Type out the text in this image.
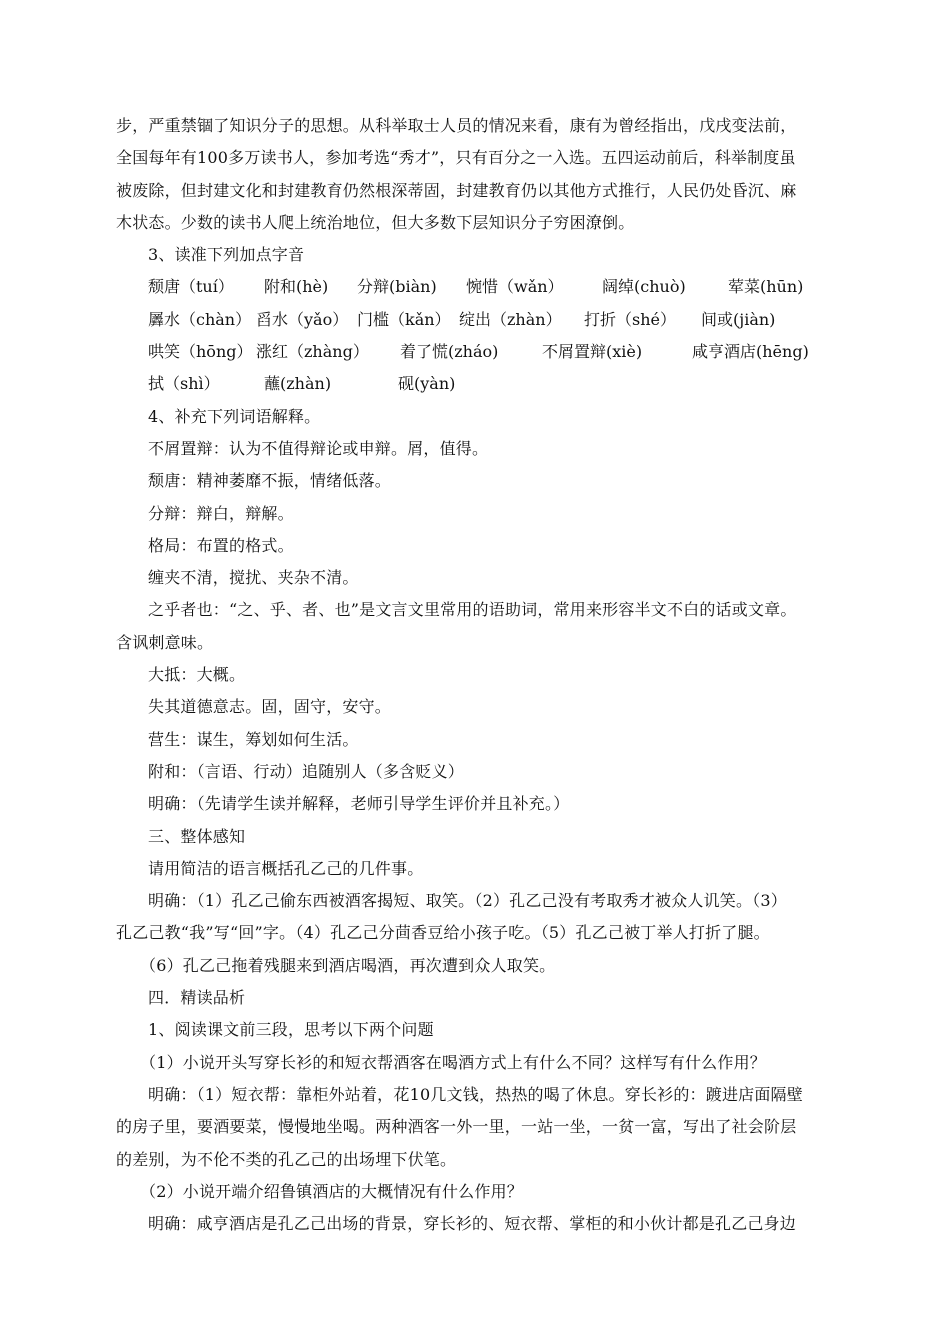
步，严重禁锢了知识分子的思想。从科举取士人员的情况来看，康有为曾经指出，戊戌变法前，
全国每年有100多万读书人，参加考选“秀才”，只有百分之一入选。五四运动前后，科举制度虽
被废除，但封建文化和封建教育仍然根深蒂固，封建教育仍以其他方式推行，人民仍处昏沉、麻
木状态。少数的读书人爬上统治地位，但大多数下层知识分子穷困潦倒。
3、读准下列加点字音
颓唐（tuí） 附和(hè) 分辩(biàn) 惋惜（wǎn） 阔绰(chuò)	荤菜(hūn)
羼水（chàn） 舀水（yǎo） 门槛（kǎn） 绽出（zhàn） 打折（shé） 间或(jiàn)
哄笑（hōng） 涨红（zhàng） 着了慌(zháo)	不屑置辩(xiè)	咸亨酒店(hēng)
拭（shì）	蘸(zhàn)	砚(yàn)
4、补充下列词语解释。
不屑置辩：认为不值得辩论或申辩。屑，值得。
颓唐：精神萎靡不振，情绪低落。
分辩：辩白，辩解。
格局：布置的格式。
缠夹不清，搅扰、夹杂不清。
之乎者也：“之、乎、者、也”是文言文里常用的语助词，常用来形容半文不白的话或文章。
含讽刺意味。
大抵：大概。
失其道德意志。固，固守，安守。
营生：谋生，筹划如何生活。
附和：（言语、行动）追随别人（多含贬义）
明确：（先请学生读并解释，老师引导学生评价并且补充。）
三、整体感知
请用简洁的语言概括孔乙己的几件事。
明确：（1）孔乙己偷东西被酒客揭短、取笑。（2）孔乙己没有考取秀才被众人讥笑。（3）
孔乙己教“我”写“回”字。（4）孔乙己分茴香豆给小孩子吃。（5）孔乙己被丁举人打折了腿。
（6）孔乙己拖着残腿来到酒店喝酒，再次遭到众人取笑。
四．精读品析
1、阅读课文前三段，思考以下两个问题
（1）小说开头写穿长衫的和短衣帮酒客在喝酒方式上有什么不同？这样写有什么作用？
明确：（1）短衣帮：靠柜外站着，花10几文钱，热热的喝了休息。穿长衫的：踱进店面隔壁
的房子里，要酒要菜，慢慢地坐喝。两种酒客一外一里，一站一坐，一贫一富，写出了社会阶层
的差别，为不伦不类的孔乙己的出场埋下伏笔。
（2）小说开端介绍鲁镇酒店的大概情况有什么作用？
明确：咸亨酒店是孔乙己出场的背景，穿长衫的、短衣帮、掌柜的和小伙计都是孔乙己身边
